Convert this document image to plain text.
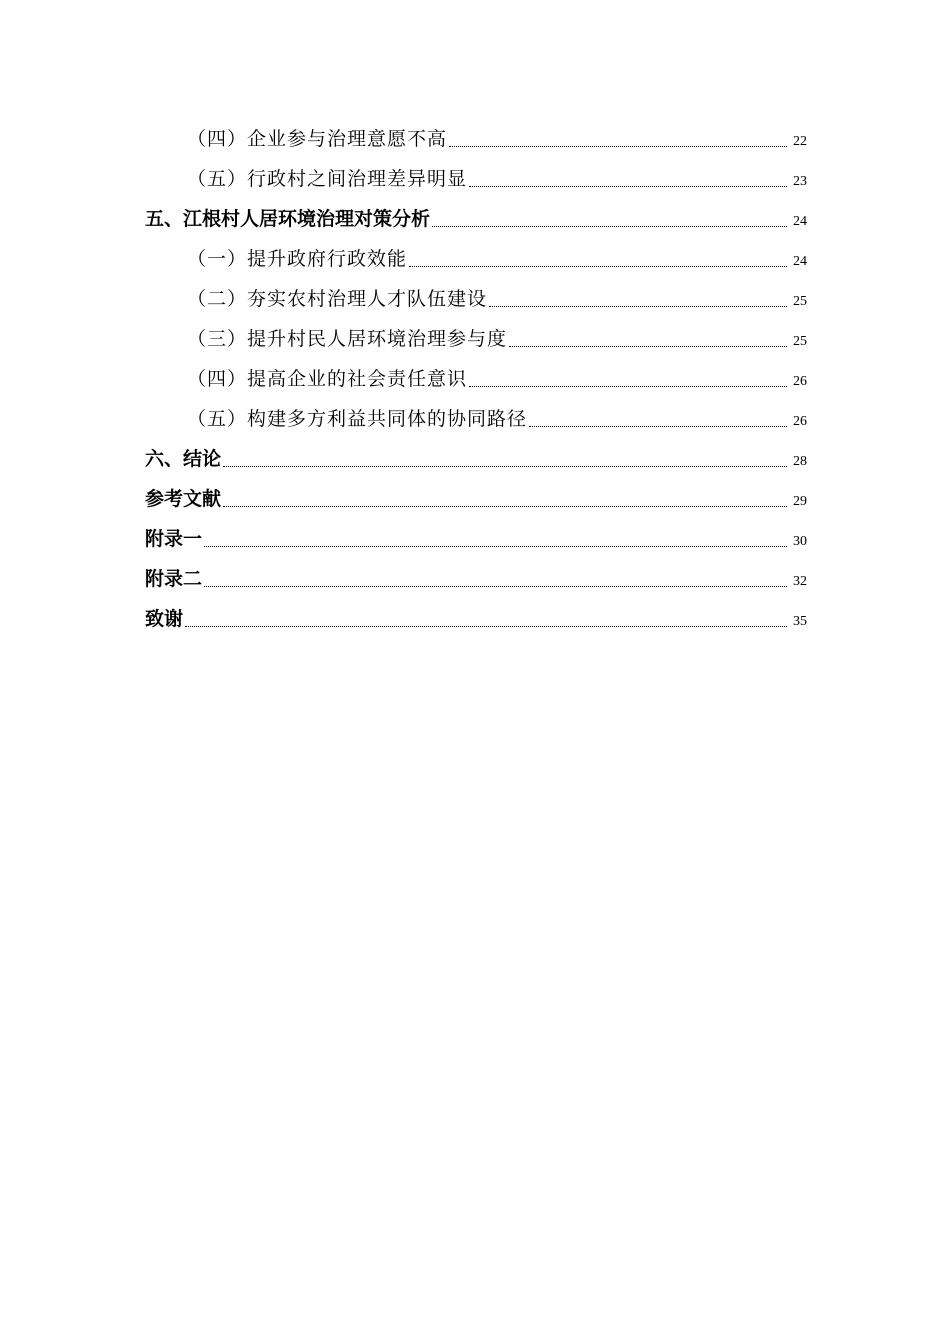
（四）企业参与治理意愿不高	22
（五）行政村之间治理差异明显	23
五、江根村人居环境治理对策分析	24
（一）提升政府行政效能	24
（二）夯实农村治理人才队伍建设	25
（三）提升村民人居环境治理参与度	25
（四）提高企业的社会责任意识	26
（五）构建多方利益共同体的协同路径	26
六、结论	28
参考文献	29
附录一	30
附录二	32
致谢	35
